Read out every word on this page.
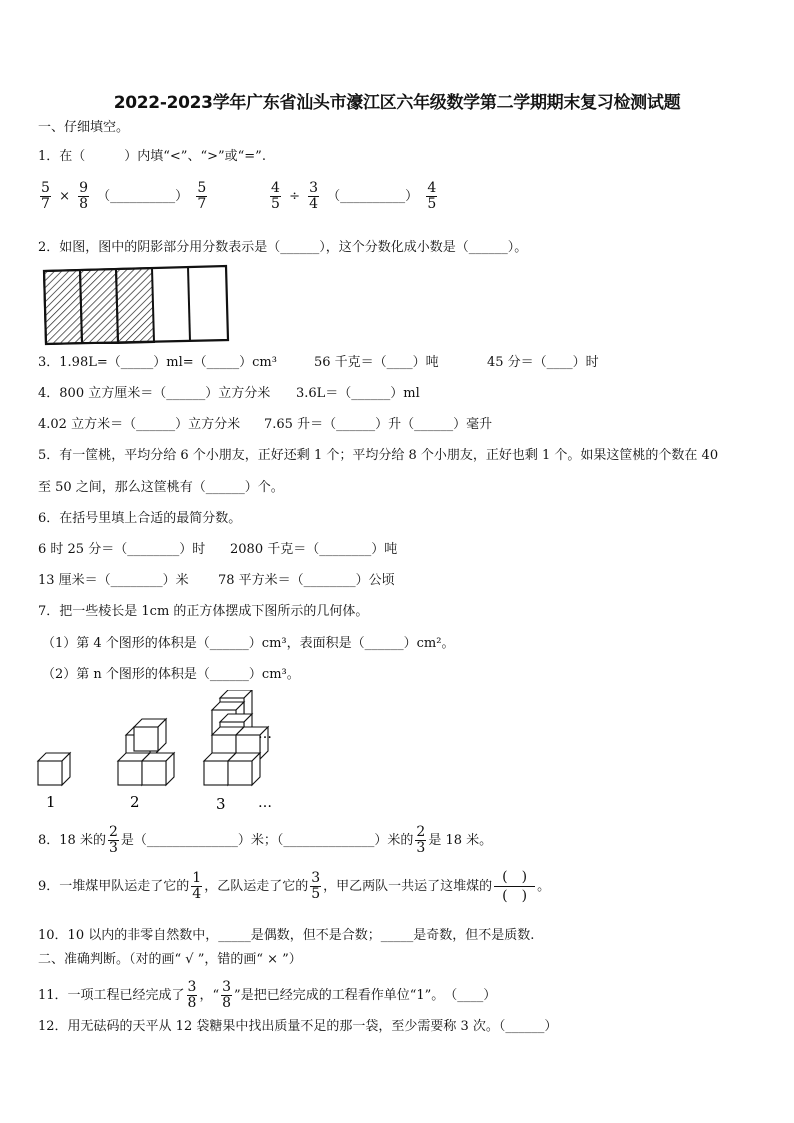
2022-2023学年广东省汕头市濠江区六年级数学第二学期期末复习检测试题
一、仔细填空。
1．在（　　　）内填“<”、“>”或“=”.
$\frac{5}{7} \times \frac{9}{8}$ （__________） $\frac{5}{7}$	$\frac{4}{5} \div \frac{3}{4}$ （__________） $\frac{4}{5}$
2．如图，图中的阴影部分用分数表示是（______），这个分数化成小数是（______）。
3．1.98L=（_____）ml=（_____）cm³	56 千克＝（____）吨	45 分＝（____）时
4．800 立方厘米＝（______）立方分米 3.6L＝（______）ml
4.02 立方米＝（______）立方分米 7.65 升＝（______）升（______）毫升
5．有一筐桃，平均分给 6 个小朋友，正好还剩 1 个；平均分给 8 个小朋友，正好也剩 1 个。如果这筐桃的个数在 40
至 50 之间，那么这筐桃有（______）个。
6．在括号里填上合适的最简分数。
6 时 25 分＝（________）时 2080 千克＝（________）吨
13 厘米＝（________）米 78 平方米＝（________）公顷
7．把一些棱长是 1cm 的正方体摆成下图所示的几何体。
（1）第 4 个图形的体积是（______）cm³，表面积是（______）cm²。
（2）第 n 个图形的体积是（______）cm³。
1	2	3
…
…
8．18 米的 $\frac{2}{3}$ 是（______________）米；（______________）米的 $\frac{2}{3}$ 是 18 米。
9．一堆煤甲队运走了它的 $\frac{1}{4}$ ，乙队运走了它的 $\frac{3}{5}$ ，甲乙两队一共运了这堆煤的
(　)
(　)
。
10．10 以内的非零自然数中，_____是偶数，但不是合数；_____是奇数，但不是质数.
二、准确判断。（对的画“ √ ”，错的画“ × ”）
11．一项工程已经完成了 $\frac{3}{8}$ ，“ $\frac{3}{8}$ ”是把已经完成的工程看作单位“1”。　（____）
12．用无砝码的天平从 12 袋糖果中找出质量不足的那一袋，至少需要称 3 次。（______）
